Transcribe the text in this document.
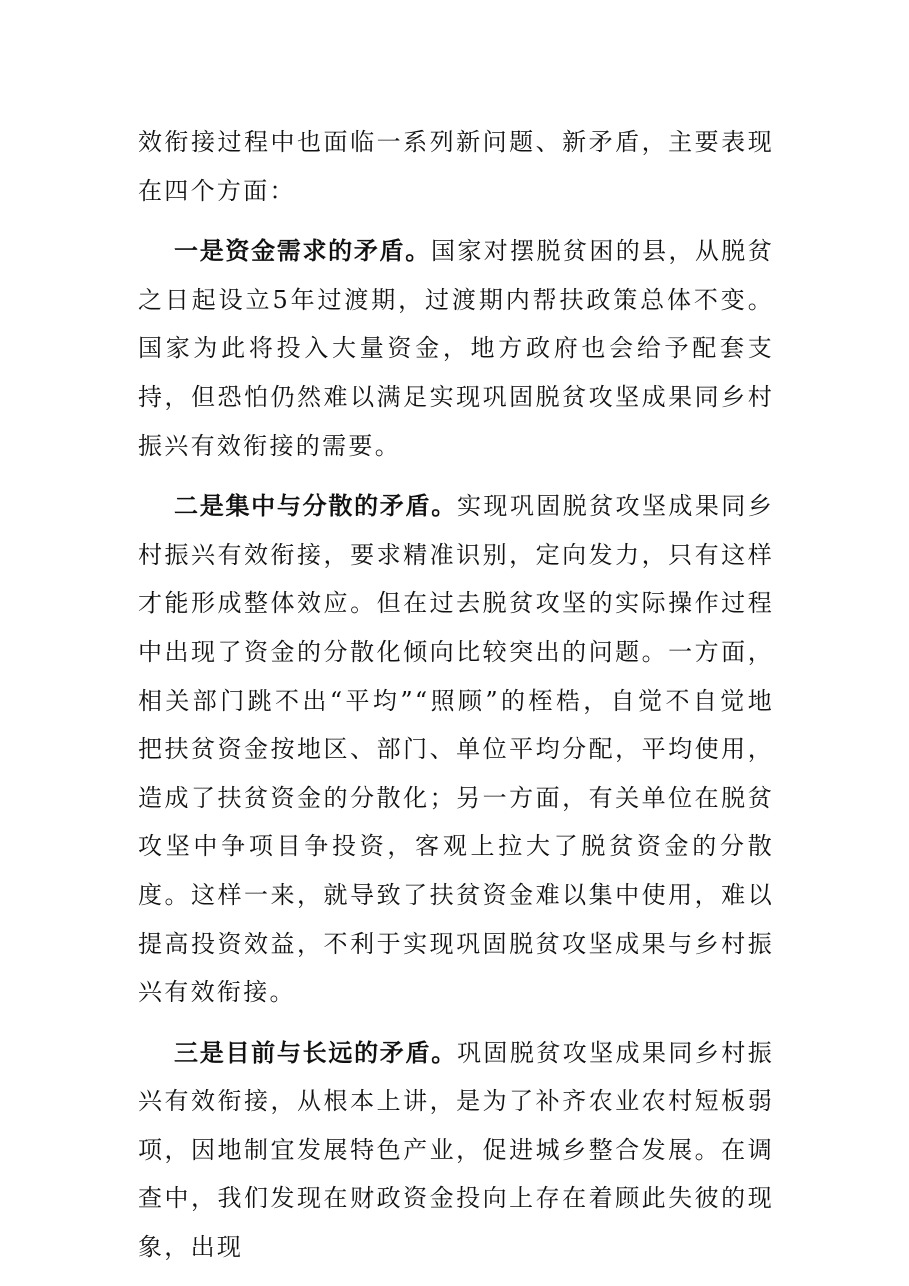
效衔接过程中也面临一系列新问题、新矛盾，主要表现在四个方面：

一是资金需求的矛盾。国家对摆脱贫困的县，从脱贫之日起设立5年过渡期，过渡期内帮扶政策总体不变。国家为此将投入大量资金，地方政府也会给予配套支持，但恐怕仍然难以满足实现巩固脱贫攻坚成果同乡村振兴有效衔接的需要。

二是集中与分散的矛盾。实现巩固脱贫攻坚成果同乡村振兴有效衔接，要求精准识别，定向发力，只有这样才能形成整体效应。但在过去脱贫攻坚的实际操作过程中出现了资金的分散化倾向比较突出的问题。一方面，相关部门跳不出“平均”“照顾”的桎梏，自觉不自觉地把扶贫资金按地区、部门、单位平均分配，平均使用，造成了扶贫资金的分散化；另一方面，有关单位在脱贫攻坚中争项目争投资，客观上拉大了脱贫资金的分散度。这样一来，就导致了扶贫资金难以集中使用，难以提高投资效益，不利于实现巩固脱贫攻坚成果与乡村振兴有效衔接。

三是目前与长远的矛盾。巩固脱贫攻坚成果同乡村振兴有效衔接，从根本上讲，是为了补齐农业农村短板弱项，因地制宜发展特色产业，促进城乡整合发展。在调查中，我们发现在财政资金投向上存在着顾此失彼的现象，出现
